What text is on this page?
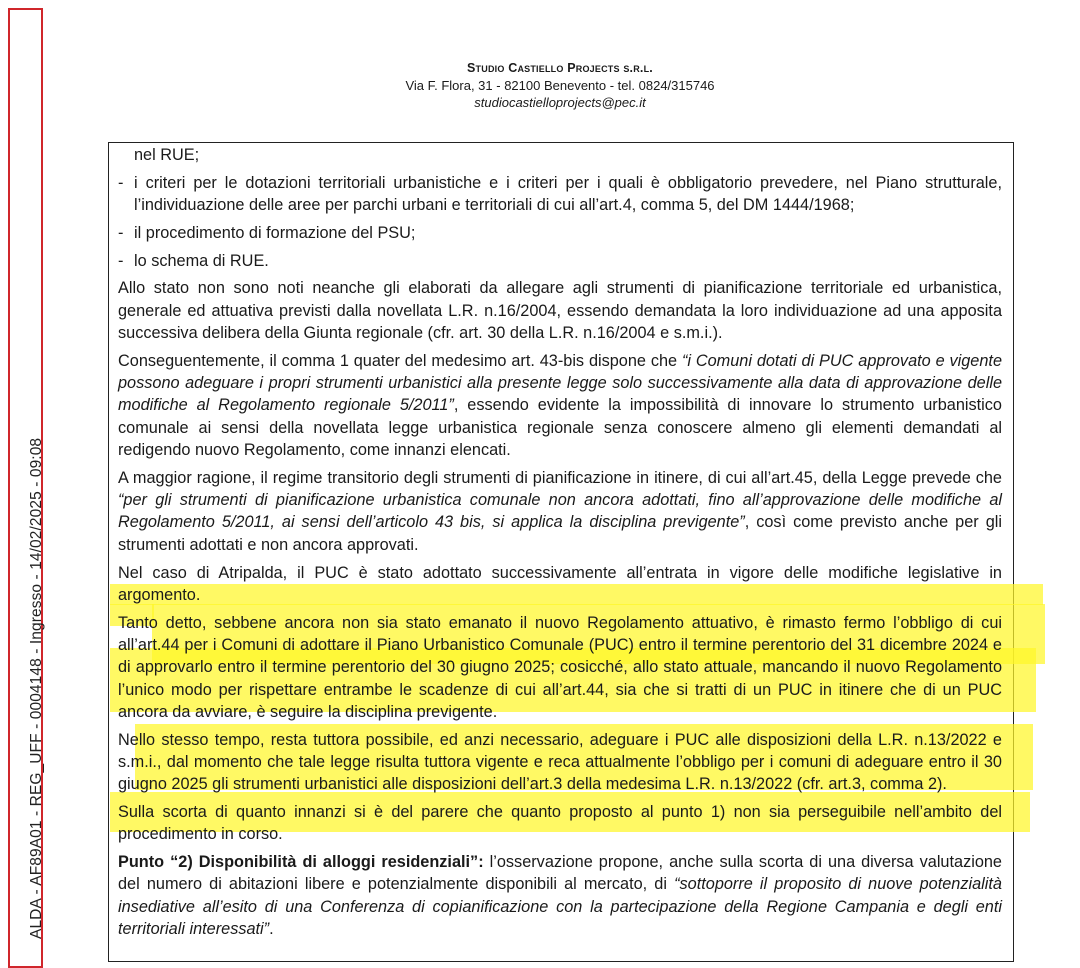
ALDA - AF89A01 - REG_UFF - 0004148 - Ingresso - 14/02/2025 - 09:08
Studio Castiello Projects s.r.l.
Via F. Flora, 31 - 82100 Benevento - tel. 0824/315746
studiocastielloprojects@pec.it
nel RUE;
- i criteri per le dotazioni territoriali urbanistiche e i criteri per i quali è obbligatorio prevedere, nel Piano strutturale, l’individuazione delle aree per parchi urbani e territoriali di cui all’art.4, comma 5, del DM 1444/1968;
- il procedimento di formazione del PSU;
- lo schema di RUE.

Allo stato non sono noti neanche gli elaborati da allegare agli strumenti di pianificazione territoriale ed urbanistica, generale ed attuativa previsti dalla novellata L.R. n.16/2004, essendo demandata la loro individuazione ad una apposita successiva delibera della Giunta regionale (cfr. art. 30 della L.R. n.16/2004 e s.m.i.).

Conseguentemente, il comma 1 quater del medesimo art. 43-bis dispone che “i Comuni dotati di PUC approvato e vigente possono adeguare i propri strumenti urbanistici alla presente legge solo successivamente alla data di approvazione delle modifiche al Regolamento regionale 5/2011”, essendo evidente la impossibilità di innovare lo strumento urbanistico comunale ai sensi della novellata legge urbanistica regionale senza conoscere almeno gli elementi demandati al redigendo nuovo Regolamento, come innanzi elencati.

A maggior ragione, il regime transitorio degli strumenti di pianificazione in itinere, di cui all’art.45, della Legge prevede che “per gli strumenti di pianificazione urbanistica comunale non ancora adottati, fino all’approvazione delle modifiche al Regolamento 5/2011, ai sensi dell’articolo 43 bis, si applica la disciplina previgente”, così come previsto anche per gli strumenti adottati e non ancora approvati.

Nel caso di Atripalda, il PUC è stato adottato successivamente all’entrata in vigore delle modifiche legislative in argomento.

Tanto detto, sebbene ancora non sia stato emanato il nuovo Regolamento attuativo, è rimasto fermo l’obbligo di cui all’art.44 per i Comuni di adottare il Piano Urbanistico Comunale (PUC) entro il termine perentorio del 31 dicembre 2024 e di approvarlo entro il termine perentorio del 30 giugno 2025; cosicché, allo stato attuale, mancando il nuovo Regolamento l’unico modo per rispettare entrambe le scadenze di cui all’art.44, sia che si tratti di un PUC in itinere che di un PUC ancora da avviare, è seguire la disciplina previgente.

Nello stesso tempo, resta tuttora possibile, ed anzi necessario, adeguare i PUC alle disposizioni della L.R. n.13/2022 e s.m.i., dal momento che tale legge risulta tuttora vigente e reca attualmente l’obbligo per i comuni di adeguare entro il 30 giugno 2025 gli strumenti urbanistici alle disposizioni dell’art.3 della medesima L.R. n.13/2022 (cfr. art.3, comma 2).

Sulla scorta di quanto innanzi si è del parere che quanto proposto al punto 1) non sia perseguibile nell’ambito del procedimento in corso.

Punto “2) Disponibilità di alloggi residenziali”: l’osservazione propone, anche sulla scorta di una diversa valutazione del numero di abitazioni libere e potenzialmente disponibili al mercato, di “sottoporre il proposito di nuove potenzialità insediative all’esito di una Conferenza di copianificazione con la partecipazione della Regione Campania e degli enti territoriali interessati”.
